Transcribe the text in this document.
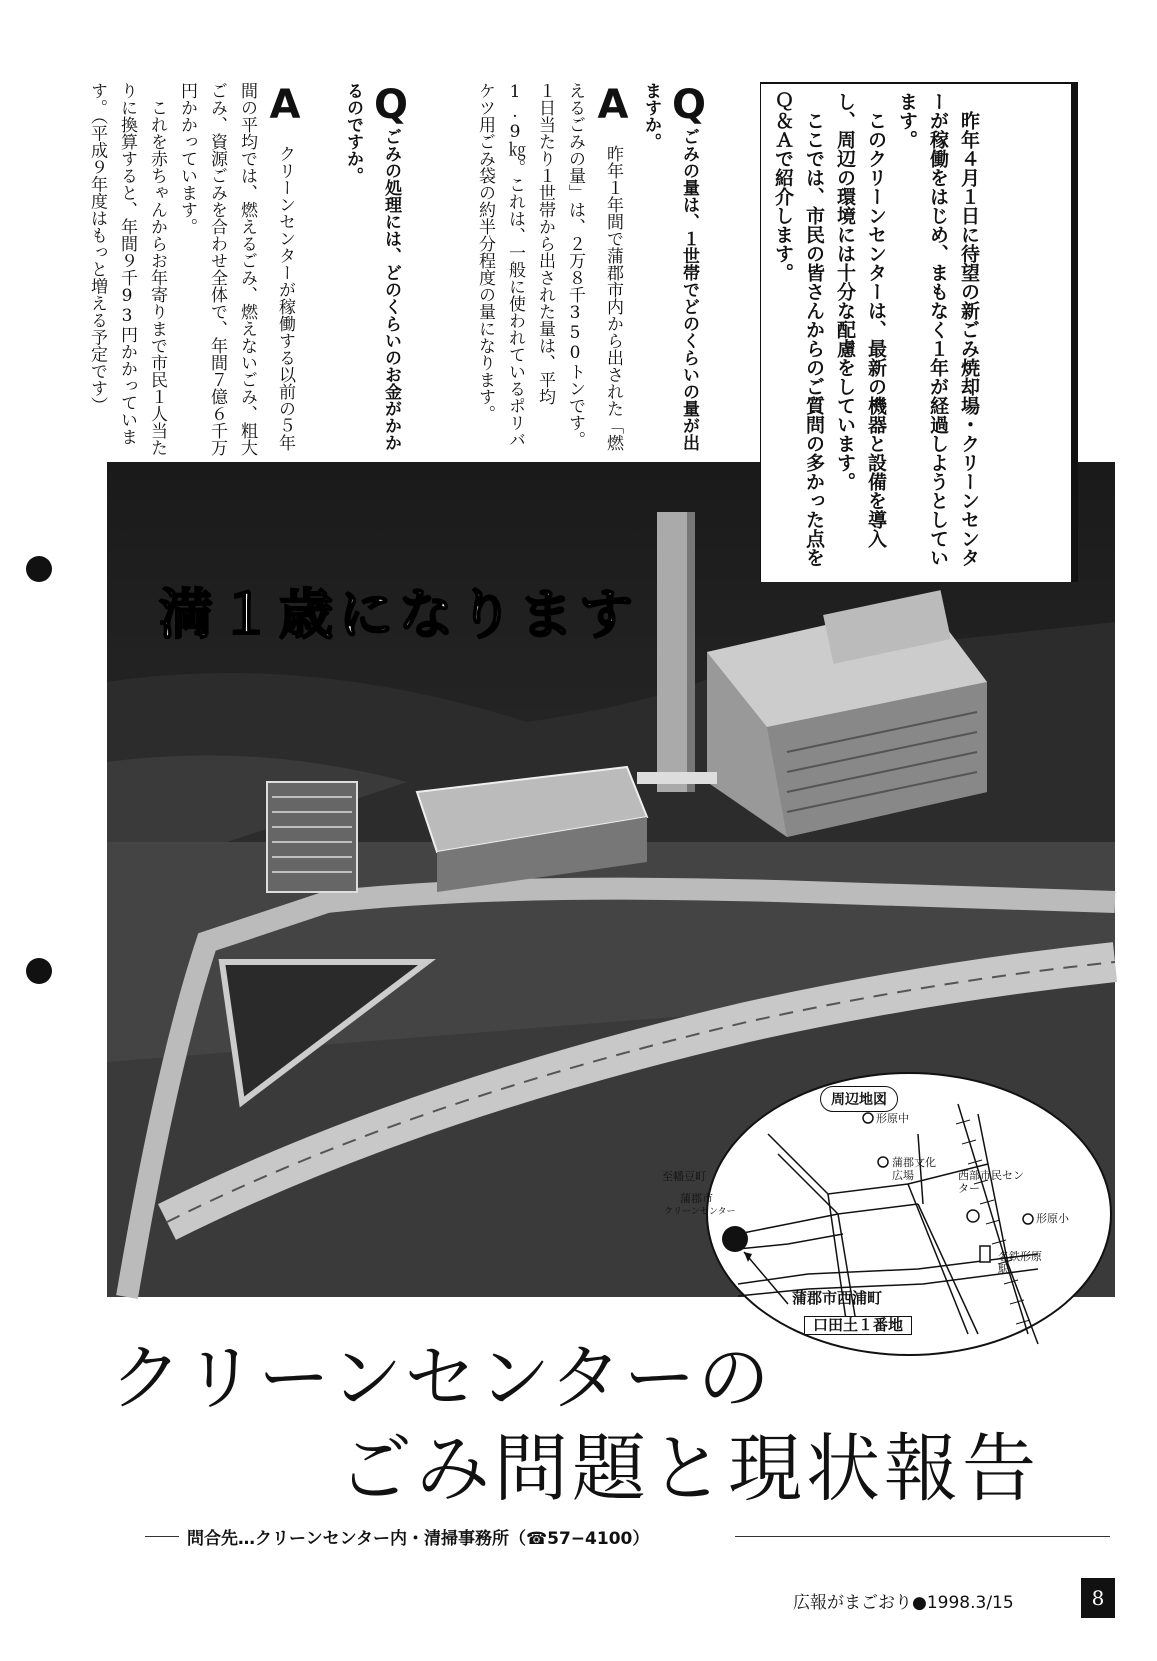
Qごみの量は、１世帯でどのくらいの量が出ますか。
A　昨年１年間で蒲郡市内から出された「燃えるごみの量」は、２万８千350トンです。１日当たり１世帯から出された量は、平均1.9㎏。これは、一般に使われているポリバケツ用ごみ袋の約半分程度の量になります。

Qごみの処理には、どのくらいのお金がかかるのですか。

A　クリーンセンターが稼働する以前の５年間の平均では、燃えるごみ、燃えないごみ、粗大ごみ、資源ごみを合わせ全体で、年間７億６千万円かかっています。
　これを赤ちゃんからお年寄りまで市民１人当たりに換算すると、年間９千93円かかっています。（平成９年度はもっと増える予定です）

満１歳になります
　昨年４月１日に待望の新ごみ焼却場・クリーンセンターが稼働をはじめ、まもなく１年が経過しようとしています。
　このクリーンセンターは、最新の機器と設備を導入し、周辺の環境には十分な配慮をしています。
　ここでは、市民の皆さんからのご質問の多かった点をＱ＆Ａで紹介します。
周辺地図
形原中
至幡豆町
蒲郡市
クリーンセンター
蒲郡文化広場	西部市民センター
形原小
名鉄形原駅
蒲郡市西浦町
口田土１番地
クリーンセンターの
ごみ問題と現状報告
問合先…クリーンセンター内・清掃事務所（☎57−4100）
広報がまごおり●1998.3/15	8
